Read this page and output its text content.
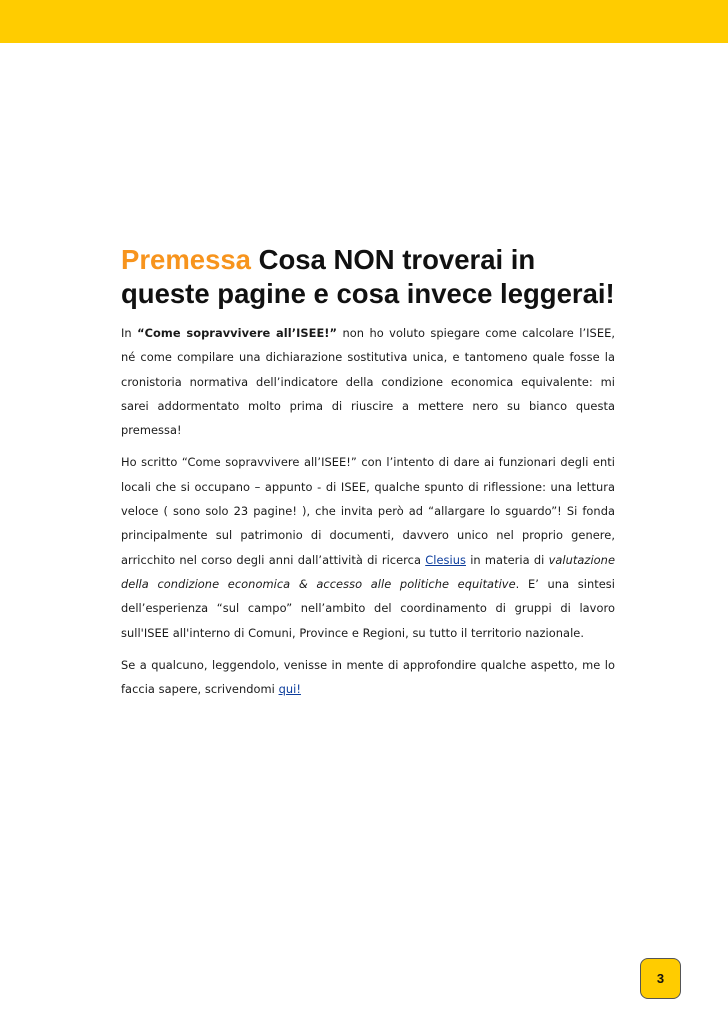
Premessa Cosa NON troverai in queste pagine e cosa invece leggerai!

In “Come sopravvivere all’ISEE!” non ho voluto spiegare come calcolare l’ISEE, né come compilare una dichiarazione sostitutiva unica, e tantomeno quale fosse la cronistoria normativa dell’indicatore della condizione economica equivalente: mi sarei addormentato molto prima di riuscire a mettere nero su bianco questa premessa!

Ho scritto “Come sopravvivere all’ISEE!” con l’intento di dare ai funzionari degli enti locali che si occupano – appunto - di ISEE, qualche spunto di riflessione: una lettura veloce ( sono solo 23 pagine! ), che invita però ad “allargare lo sguardo”! Si fonda principalmente sul patrimonio di documenti, davvero unico nel proprio genere, arricchito nel corso degli anni dall’attività di ricerca Clesius in materia di valutazione della condizione economica & accesso alle politiche equitative. E’ una sintesi dell’esperienza “sul campo” nell’ambito del coordinamento di gruppi di lavoro sull'ISEE all'interno di Comuni, Province e Regioni, su tutto il territorio nazionale.

Se a qualcuno, leggendolo, venisse in mente di approfondire qualche aspetto, me lo faccia sapere, scrivendomi qui!

3
